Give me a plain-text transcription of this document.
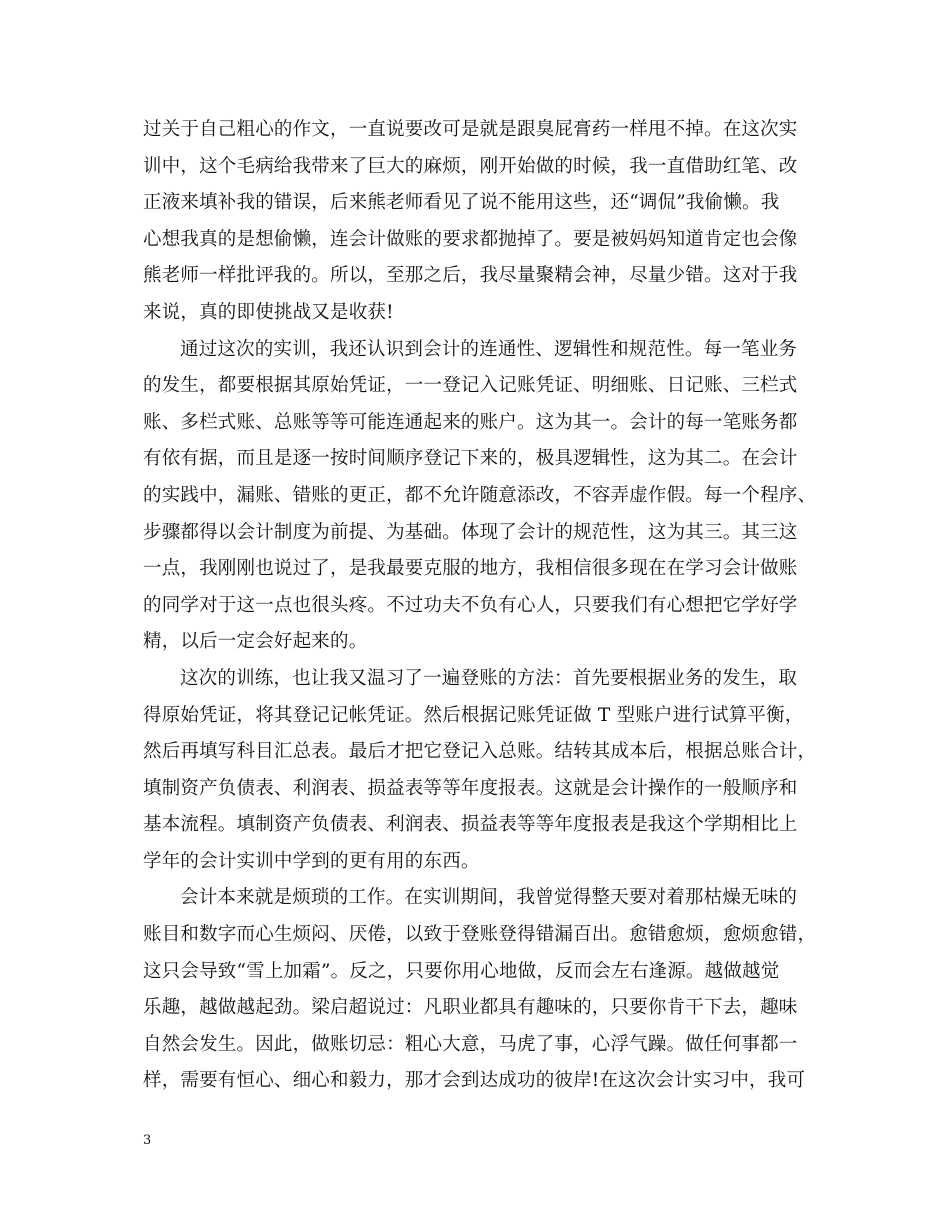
过关于自己粗心的作文，一直说要改可是就是跟臭屁膏药一样甩不掉。在这次实
训中，这个毛病给我带来了巨大的麻烦，刚开始做的时候，我一直借助红笔、改
正液来填补我的错误，后来熊老师看见了说不能用这些，还“调侃”我偷懒。我
心想我真的是想偷懒，连会计做账的要求都抛掉了。要是被妈妈知道肯定也会像
熊老师一样批评我的。所以，至那之后，我尽量聚精会神，尽量少错。这对于我
来说，真的即使挑战又是收获!
通过这次的实训，我还认识到会计的连通性、逻辑性和规范性。每一笔业务
的发生，都要根据其原始凭证，一一登记入记账凭证、明细账、日记账、三栏式
账、多栏式账、总账等等可能连通起来的账户。这为其一。会计的每一笔账务都
有依有据，而且是逐一按时间顺序登记下来的，极具逻辑性，这为其二。在会计
的实践中，漏账、错账的更正，都不允许随意添改，不容弄虚作假。每一个程序、
步骤都得以会计制度为前提、为基础。体现了会计的规范性，这为其三。其三这
一点，我刚刚也说过了，是我最要克服的地方，我相信很多现在在学习会计做账
的同学对于这一点也很头疼。不过功夫不负有心人，只要我们有心想把它学好学
精，以后一定会好起来的。
这次的训练，也让我又温习了一遍登账的方法：首先要根据业务的发生，取
得原始凭证，将其登记记帐凭证。然后根据记账凭证做 T 型账户进行试算平衡，
然后再填写科目汇总表。最后才把它登记入总账。结转其成本后，根据总账合计，
填制资产负债表、利润表、损益表等等年度报表。这就是会计操作的一般顺序和
基本流程。填制资产负债表、利润表、损益表等等年度报表是我这个学期相比上
学年的会计实训中学到的更有用的东西。
会计本来就是烦琐的工作。在实训期间，我曾觉得整天要对着那枯燥无味的
账目和数字而心生烦闷、厌倦，以致于登账登得错漏百出。愈错愈烦，愈烦愈错，
这只会导致“雪上加霜”。反之，只要你用心地做，反而会左右逢源。越做越觉
乐趣，越做越起劲。梁启超说过：凡职业都具有趣味的，只要你肯干下去，趣味
自然会发生。因此，做账切忌：粗心大意，马虎了事，心浮气躁。做任何事都一
样，需要有恒心、细心和毅力，那才会到达成功的彼岸!在这次会计实习中，我可
3
